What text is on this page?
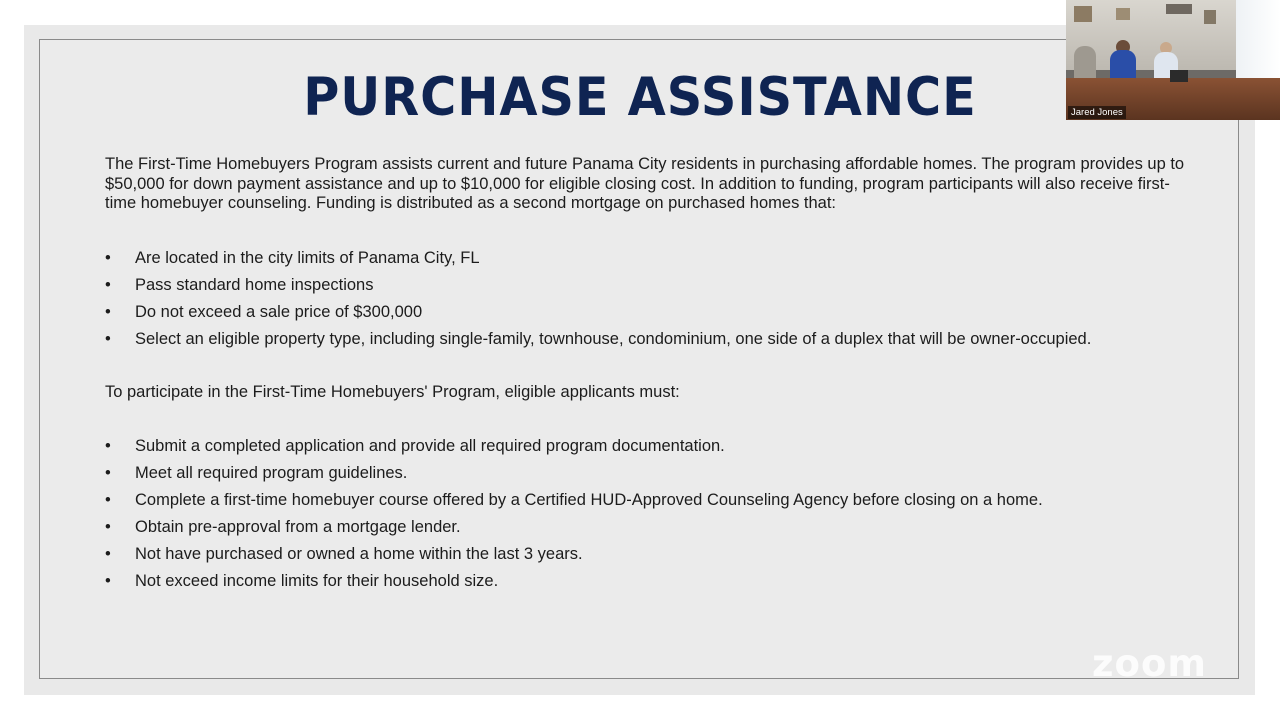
PURCHASE ASSISTANCE

The First-Time Homebuyers Program assists current and future Panama City residents in purchasing affordable homes. The program provides up to $50,000 for down payment assistance and up to $10,000 for eligible closing cost. In addition to funding, program participants will also receive first-time homebuyer counseling. Funding is distributed as a second mortgage on purchased homes that:

• Are located in the city limits of Panama City, FL
• Pass standard home inspections
• Do not exceed a sale price of $300,000
• Select an eligible property type, including single-family, townhouse, condominium, one side of a duplex that will be owner-occupied.

To participate in the First-Time Homebuyers' Program, eligible applicants must:

• Submit a completed application and provide all required program documentation.
• Meet all required program guidelines.
• Complete a first-time homebuyer course offered by a Certified HUD-Approved Counseling Agency before closing on a home.
• Obtain pre-approval from a mortgage lender.
• Not have purchased or owned a home within the last 3 years.
• Not exceed income limits for their household size.
Jared Jones
zoom
